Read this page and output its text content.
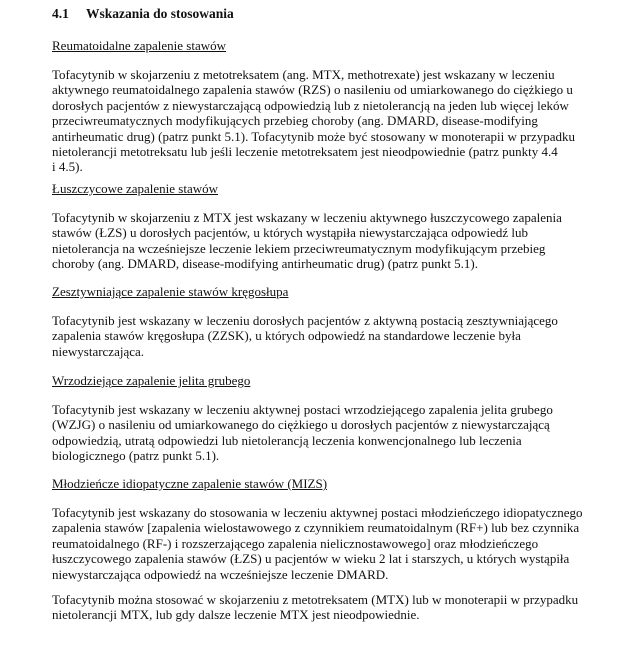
4.1 Wskazania do stosowania

Reumatoidalne zapalenie stawów

Tofacytynib w skojarzeniu z metotreksatem (ang. MTX, methotrexate) jest wskazany w leczeniu
aktywnego reumatoidalnego zapalenia stawów (RZS) o nasileniu od umiarkowanego do ciężkiego u
dorosłych pacjentów z niewystarczającą odpowiedzią lub z nietolerancją na jeden lub więcej leków
przeciwreumatycznych modyfikujących przebieg choroby (ang. DMARD, disease-modifying
antirheumatic drug) (patrz punkt 5.1). Tofacytynib może być stosowany w monoterapii w przypadku
nietolerancji metotreksatu lub jeśli leczenie metotreksatem jest nieodpowiednie (patrz punkty 4.4
i 4.5).

Łuszczycowe zapalenie stawów

Tofacytynib w skojarzeniu z MTX jest wskazany w leczeniu aktywnego łuszczycowego zapalenia
stawów (ŁZS) u dorosłych pacjentów, u których wystąpiła niewystarczająca odpowiedź lub
nietolerancja na wcześniejsze leczenie lekiem przeciwreumatycznym modyfikującym przebieg
choroby (ang. DMARD, disease-modifying antirheumatic drug) (patrz punkt 5.1).

Zesztywniające zapalenie stawów kręgosłupa

Tofacytynib jest wskazany w leczeniu dorosłych pacjentów z aktywną postacią zesztywniającego
zapalenia stawów kręgosłupa (ZZSK), u których odpowiedź na standardowe leczenie była
niewystarczająca.

Wrzodziejące zapalenie jelita grubego

Tofacytynib jest wskazany w leczeniu aktywnej postaci wrzodziejącego zapalenia jelita grubego
(WZJG) o nasileniu od umiarkowanego do ciężkiego u dorosłych pacjentów z niewystarczającą
odpowiedzią, utratą odpowiedzi lub nietolerancją leczenia konwencjonalnego lub leczenia
biologicznego (patrz punkt 5.1).

Młodzieńcze idiopatyczne zapalenie stawów (MIZS)

Tofacytynib jest wskazany do stosowania w leczeniu aktywnej postaci młodzieńczego idiopatycznego
zapalenia stawów [zapalenia wielostawowego z czynnikiem reumatoidalnym (RF+) lub bez czynnika
reumatoidalnego (RF-) i rozszerzającego zapalenia nielicznostawowego] oraz młodzieńczego
łuszczycowego zapalenia stawów (ŁZS) u pacjentów w wieku 2 lat i starszych, u których wystąpiła
niewystarczająca odpowiedź na wcześniejsze leczenie DMARD.
Tofacytynib można stosować w skojarzeniu z metotreksatem (MTX) lub w monoterapii w przypadku
nietolerancji MTX, lub gdy dalsze leczenie MTX jest nieodpowiednie.
